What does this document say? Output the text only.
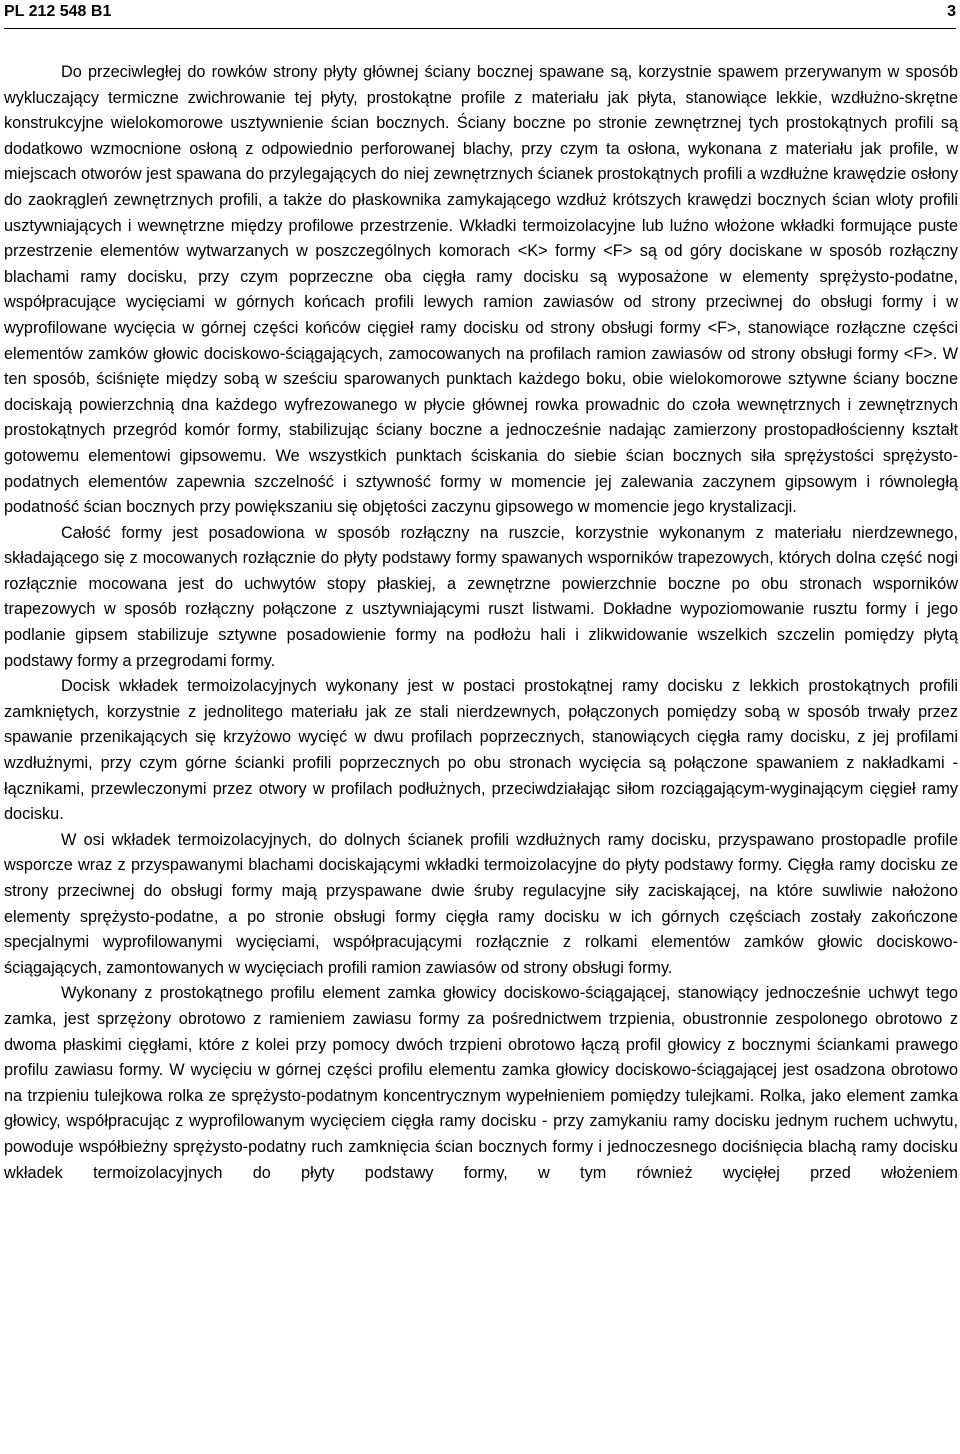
PL 212 548 B1	3

Do przeciwległej do rowków strony płyty głównej ściany bocznej spawane są, korzystnie spawem przerywanym w sposób wykluczający termiczne zwichrowanie tej płyty, prostokątne profile z materiału jak płyta, stanowiące lekkie, wzdłużno-skrętne konstrukcyjne wielokomorowe usztywnienie ścian bocznych. Ściany boczne po stronie zewnętrznej tych prostokątnych profili są dodatkowo wzmocnione osłoną z odpowiednio perforowanej blachy, przy czym ta osłona, wykonana z materiału jak profile, w miejscach otworów jest spawana do przylegających do niej zewnętrznych ścianek prostokątnych profili a wzdłużne krawędzie osłony do zaokrągleń zewnętrznych profili, a także do płaskownika zamykającego wzdłuż krótszych krawędzi bocznych ścian wloty profili usztywniających i wewnętrzne między profilowe przestrzenie. Wkładki termoizolacyjne lub luźno włożone wkładki formujące puste przestrzenie elementów wytwarzanych w poszczególnych komorach <K> formy <F> są od góry dociskane w sposób rozłączny blachami ramy docisku, przy czym poprzeczne oba cięgła ramy docisku są wyposażone w elementy sprężysto-podatne, współpracujące wycięciami w górnych końcach profili lewych ramion zawiasów od strony przeciwnej do obsługi formy i w wyprofilowane wycięcia w górnej części końców cięgieł ramy docisku od strony obsługi formy <F>, stanowiące rozłączne części elementów zamków głowic dociskowo-ściągających, zamocowanych na profilach ramion zawiasów od strony obsługi formy <F>. W ten sposób, ściśnięte między sobą w sześciu sparowanych punktach każdego boku, obie wielokomorowe sztywne ściany boczne dociskają powierzchnią dna każdego wyfrezowanego w płycie głównej rowka prowadnic do czoła wewnętrznych i zewnętrznych prostokątnych przegród komór formy, stabilizując ściany boczne a jednocześnie nadając zamierzony prostopadłościenny kształt gotowemu elementowi gipsowemu. We wszystkich punktach ściskania do siebie ścian bocznych siła sprężystości sprężysto-podatnych elementów zapewnia szczelność i sztywność formy w momencie jej zalewania zaczynem gipsowym i równoległą podatność ścian bocznych przy powiększaniu się objętości zaczynu gipsowego w momencie jego krystalizacji.

Całość formy jest posadowiona w sposób rozłączny na ruszcie, korzystnie wykonanym z materiału nierdzewnego, składającego się z mocowanych rozłącznie do płyty podstawy formy spawanych wsporników trapezowych, których dolna część nogi rozłącznie mocowana jest do uchwytów stopy płaskiej, a zewnętrzne powierzchnie boczne po obu stronach wsporników trapezowych w sposób rozłączny połączone z usztywniającymi ruszt listwami. Dokładne wypoziomowanie rusztu formy i jego podlanie gipsem stabilizuje sztywne posadowienie formy na podłożu hali i zlikwidowanie wszelkich szczelin pomiędzy płytą podstawy formy a przegrodami formy.

Docisk wkładek termoizolacyjnych wykonany jest w postaci prostokątnej ramy docisku z lekkich prostokątnych profili zamkniętych, korzystnie z jednolitego materiału jak ze stali nierdzewnych, połączonych pomiędzy sobą w sposób trwały przez spawanie przenikających się krzyżowo wycięć w dwu profilach poprzecznych, stanowiących cięgła ramy docisku, z jej profilami wzdłużnymi, przy czym górne ścianki profili poprzecznych po obu stronach wycięcia są połączone spawaniem z nakładkami - łącznikami, przewleczonymi przez otwory w profilach podłużnych, przeciwdziałając siłom rozciągającym-wyginającym cięgieł ramy docisku.

W osi wkładek termoizolacyjnych, do dolnych ścianek profili wzdłużnych ramy docisku, przyspawano prostopadle profile wsporcze wraz z przyspawanymi blachami dociskającymi wkładki termoizolacyjne do płyty podstawy formy. Cięgła ramy docisku ze strony przeciwnej do obsługi formy mają przyspawane dwie śruby regulacyjne siły zaciskającej, na które suwliwie nałożono elementy sprężysto-podatne, a po stronie obsługi formy cięgła ramy docisku w ich górnych częściach zostały zakończone specjalnymi wyprofilowanymi wycięciami, współpracującymi rozłącznie z rolkami elementów zamków głowic dociskowo-ściągających, zamontowanych w wycięciach profili ramion zawiasów od strony obsługi formy.

Wykonany z prostokątnego profilu element zamka głowicy dociskowo-ściągającej, stanowiący jednocześnie uchwyt tego zamka, jest sprzężony obrotowo z ramieniem zawiasu formy za pośrednictwem trzpienia, obustronnie zespolonego obrotowo z dwoma płaskimi cięgłami, które z kolei przy pomocy dwóch trzpieni obrotowo łączą profil głowicy z bocznymi ściankami prawego profilu zawiasu formy. W wycięciu w górnej części profilu elementu zamka głowicy dociskowo-ściągającej jest osadzona obrotowo na trzpieniu tulejkowa rolka ze sprężysto-podatnym koncentrycznym wypełnieniem pomiędzy tulejkami. Rolka, jako element zamka głowicy, współpracując z wyprofilowanym wycięciem cięgła ramy docisku - przy zamykaniu ramy docisku jednym ruchem uchwytu, powoduje współbieżny sprężysto-podatny ruch zamknięcia ścian bocznych formy i jednoczesnego dociśnięcia blachą ramy docisku wkładek termoizolacyjnych do płyty podstawy formy, w tym również wycięłej przed włożeniem
